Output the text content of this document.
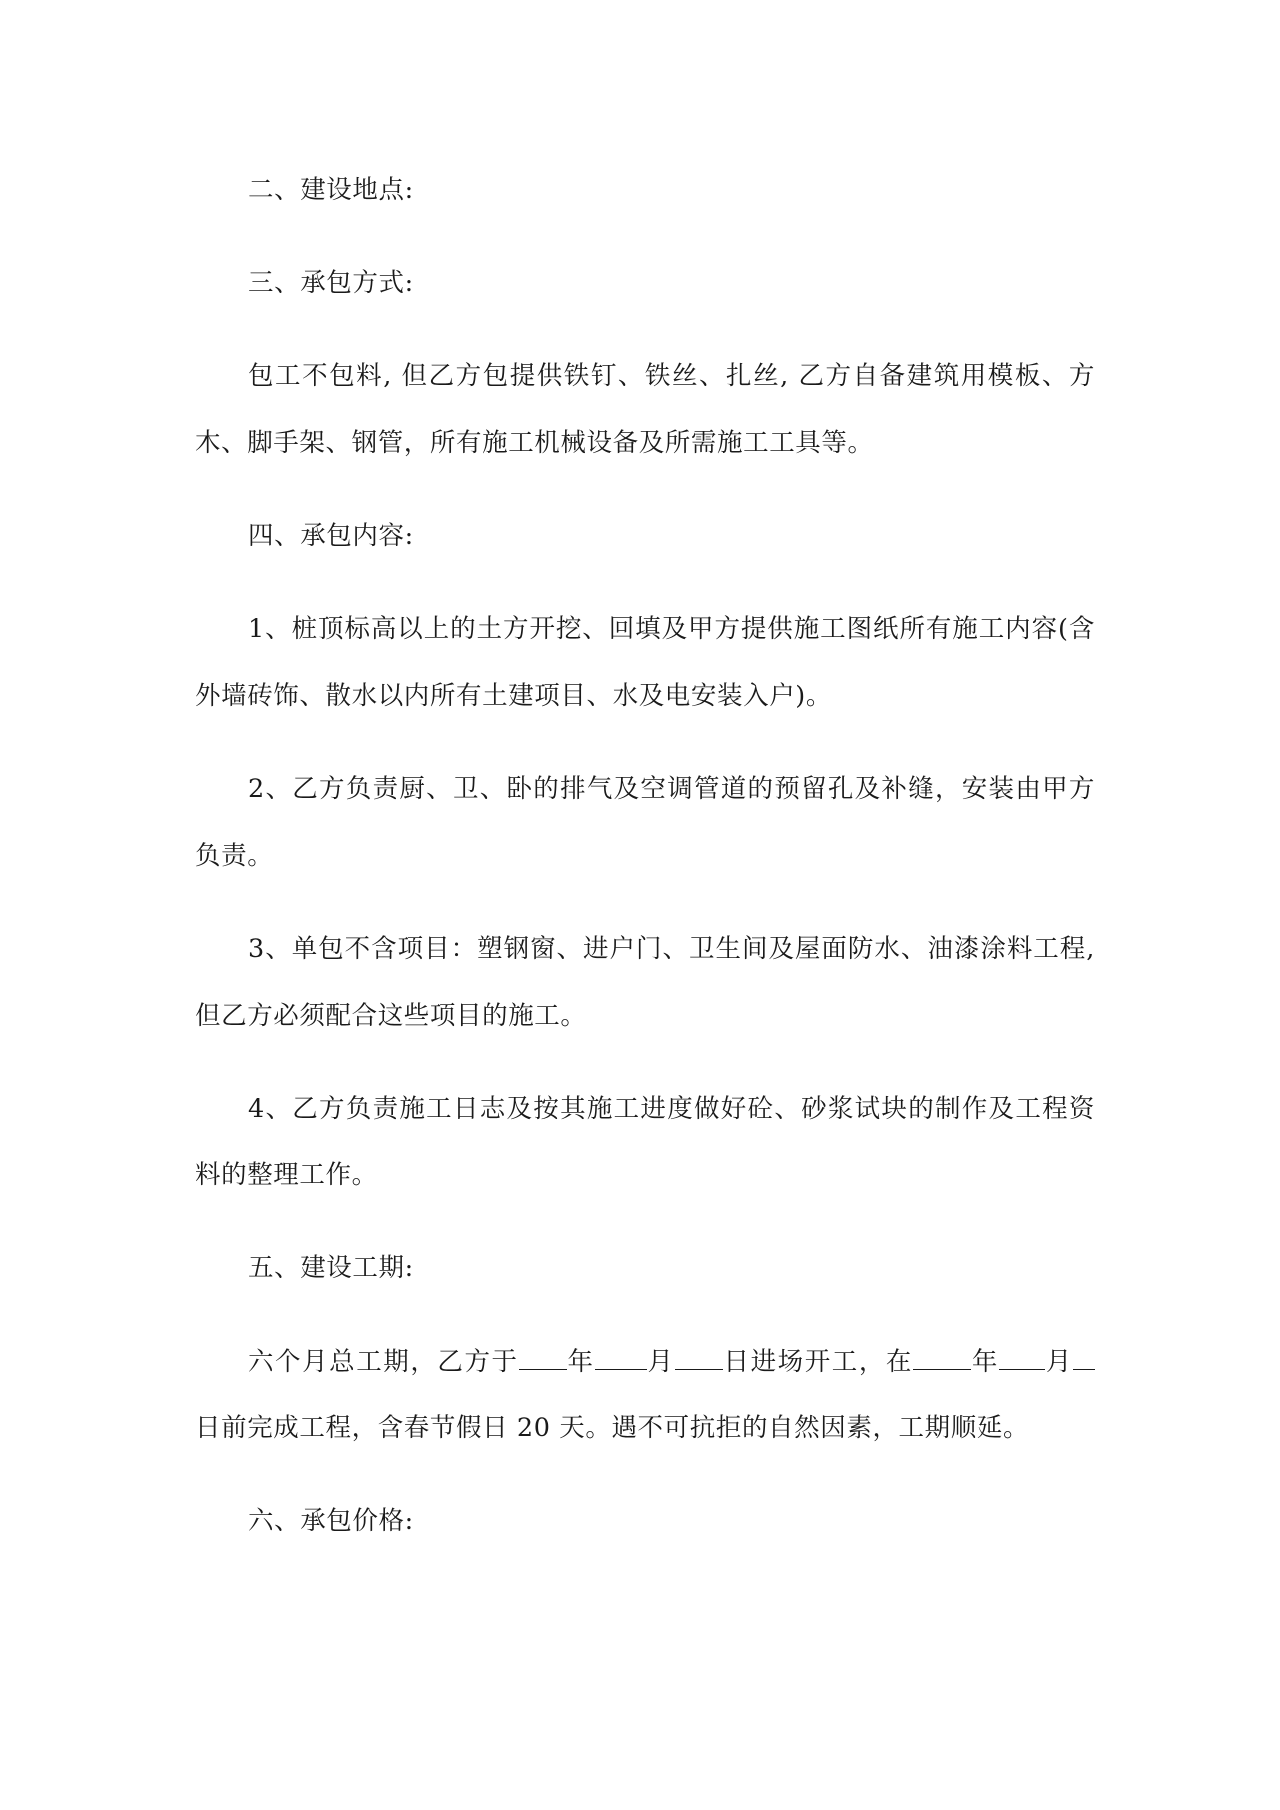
二、建设地点:

三、承包方式:

包工不包料, 但乙方包提供铁钉、铁丝、扎丝, 乙方自备建筑用模板、方木、脚手架、钢管，所有施工机械设备及所需施工工具等。

四、承包内容:

1、桩顶标高以上的土方开挖、回填及甲方提供施工图纸所有施工内容(含外墙砖饰、散水以内所有土建项目、水及电安装入户)。

2、乙方负责厨、卫、卧的排气及空调管道的预留孔及补缝，安装由甲方负责。

3、单包不含项目：塑钢窗、进户门、卫生间及屋面防水、油漆涂料工程,但乙方必须配合这些项目的施工。

4、乙方负责施工日志及按其施工进度做好砼、砂浆试块的制作及工程资料的整理工作。

五、建设工期:

六个月总工期，乙方于 年 月 日进场开工，在 年 月日前完成工程，含春节假日 20 天。遇不可抗拒的自然因素，工期顺延。

六、承包价格:
